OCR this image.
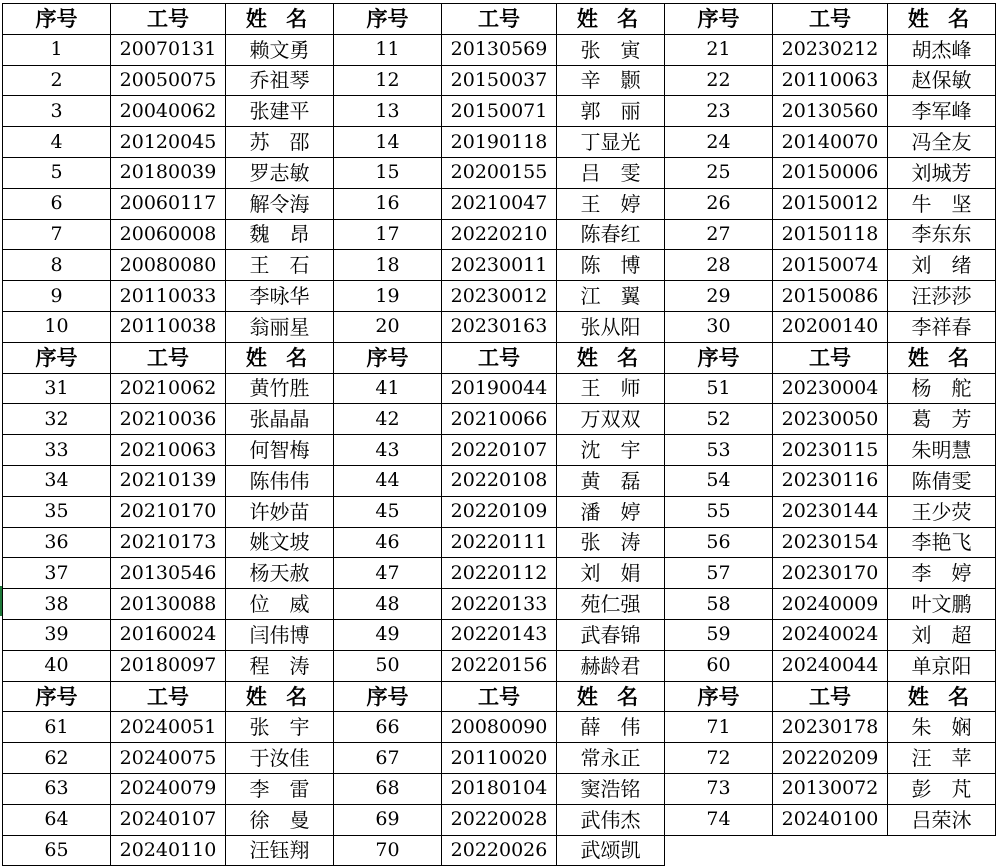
序号	工号	姓 名	序号	工号	姓 名	序号	工号	姓 名
1	20070131	赖文勇	11	20130569	张寅	21	20230212	胡杰峰
2	20050075	乔祖琴	12	20150037	辛颢	22	20110063	赵保敏
3	20040062	张建平	13	20150071	郭丽	23	20130560	李军峰
4	20120045	苏邵	14	20190118	丁显光	24	20140070	冯全友
5	20180039	罗志敏	15	20200155	吕雯	25	20150006	刘城芳
6	20060117	解令海	16	20210047	王婷	26	20150012	牛坚
7	20060008	魏昂	17	20220210	陈春红	27	20150118	李东东
8	20080080	王石	18	20230011	陈博	28	20150074	刘绪
9	20110033	李咏华	19	20230012	江翼	29	20150086	汪莎莎
10	20110038	翁丽星	20	20230163	张从阳	30	20200140	李祥春
序号	工号	姓 名	序号	工号	姓 名	序号	工号	姓 名
31	20210062	黄竹胜	41	20190044	王师	51	20230004	杨舵
32	20210036	张晶晶	42	20210066	万双双	52	20230050	葛芳
33	20210063	何智梅	43	20220107	沈宇	53	20230115	朱明慧
34	20210139	陈伟伟	44	20220108	黄磊	54	20230116	陈倩雯
35	20210170	许妙苗	45	20220109	潘婷	55	20230144	王少荧
36	20210173	姚文坡	46	20220111	张涛	56	20230154	李艳飞
37	20130546	杨天赦	47	20220112	刘娟	57	20230170	李婷
38	20130088	位威	48	20220133	苑仁强	58	20240009	叶文鹏
39	20160024	闫伟博	49	20220143	武春锦	59	20240024	刘超
40	20180097	程涛	50	20220156	赫龄君	60	20240044	单京阳
序号	工号	姓 名	序号	工号	姓 名	序号	工号	姓 名
61	20240051	张宇	66	20080090	薛伟	71	20230178	朱娴
62	20240075	于汝佳	67	20110020	常永正	72	20220209	汪苹
63	20240079	李雷	68	20180104	窦浩铭	73	20130072	彭芃
64	20240107	徐曼	69	20220028	武伟杰	74	20240100	吕荣沐
65	20240110	汪钰翔	70	20220026	武颂凯			
